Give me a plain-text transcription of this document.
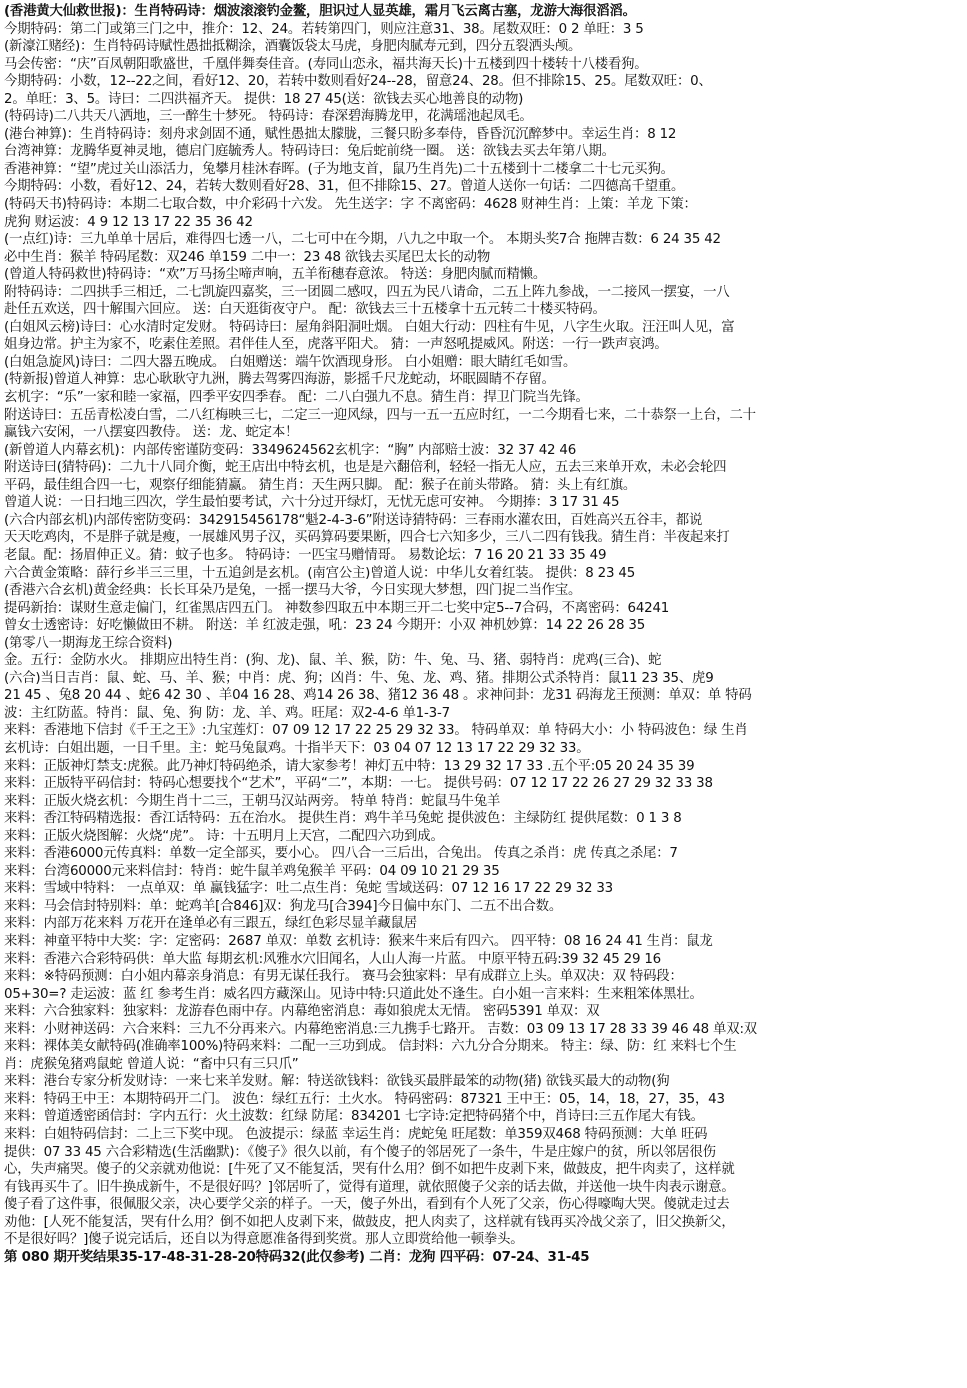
(香港黄大仙救世报)：生肖特码诗：烟波滚滚钓金鳌，胆识过人显英雄，霜月飞云离古塞，龙游大海很滔滔。
今期特码：第二门或第三门之中，推介：12、24。若转第四门，则应注意31、38。尾数双旺：0 2 单旺：3 5
(新濠江赌经)：生肖特码诗赋性愚拙抵糊涂，酒囊饭袋太马虎，身肥肉腻寿元到，四分五裂洒头颅。
马会传密：“庆”百凤朝阳歌盛世，千凰伴舞奏佳音。(寿同山恋永，福共海天长)十五楼到四十楼转十八楼看狗。
今期特码：小数，12--22之间，看好12、20，若转中数则看好24--28，留意24、28。但不排除15、25。尾数双旺：0、
2。单旺：3、5。诗曰：二四洪福齐天。 提供：18 27 45(送：欲钱去买心地善良的动物)
(特码诗)二八共天八洒地，三一醉生十梦死。 特码诗：春深碧海腾龙甲，花满瑶池起凤毛。
(港台神算)：生肖特码诗：刻舟求剑固不通，赋性愚拙太朦胧，三餐只盼多奉侍，昏昏沉沉醉梦中。幸运生肖：8 12
台湾神算：龙腾华夏神灵地，德启门庭毓秀人。特码诗曰：兔后蛇前绕一圈。 送：欲钱去买去年第八期。
香港神算：“望”虎过关山添活力，兔攀月桂沐春晖。(子为地支首，鼠乃生肖先)二十五楼到十二楼拿二十七元买狗。
今期特码：小数，看好12、24，若转大数则看好28、31，但不排除15、27。曾道人送你一句话：二四德高千望重。
(特码天书)特码诗：本期二七取合数，中介彩码十六发。 先生送字：字 不离密码：4628 财神生肖：上策：羊龙 下策：
虎狗 财运波：4 9 12 13 17 22 35 36 42
(一点红)诗：三九单单十居后，难得四七透一八，二七可中在今期，八九之中取一个。 本期头奖7合 拖牌吉数：6 24 35 42
必中生肖：猴羊 特码尾数：双246 单159 二中一：23 48 欲钱去买尾巴太长的动物
(曾道人特码救世)特码诗：“欢”万马扬尘啼声响，五羊衔穗春意浓。 特送：身肥肉腻而精懒。
附特码诗：二四拱手三相迁，二七凯旋四嘉奖，三一团圆二感叹，四五为民八请命，二五上阵九参战，一二接风一摆宴，一八
赴任五欢送，四十解围六回应。 送：白天逛街夜守户。 配：欲钱去三十五楼拿十五元转二十楼买特码。
(白姐风云榜)诗曰：心水清时定发财。 特码诗曰：屋角斜阳洞吐烟。 白姐大行动：四柱有牛见，八字生火取。汪汪叫人见，富
姐身边常。护主为家不，吃素住差照。君伴佳人至，虎落平阳犬。 猜：一声怒吼提威风。附送：一行一跌声哀鸿。
(白姐急旋风)诗曰：二四大器五晚成。 白姐赠送：端午饮酒现身形。 白小姐赠：眼大睛红毛如雪。
(特新报)曾道人神算：忠心耿耿守九洲，腾去驾雾四海游，影摇千尺龙蛇动，坏眠圆睛不存留。
玄机字：“乐”一家和睦一家福，四季平安四季春。 配：二八白强九不息。猜生肖：捍卫门院当先锋。
附送诗曰：五岳青松凌白雪，二八红梅映三七，二定三一迎风绿，四与一五一五应时红，一二今期看七来，二十恭祭一上台，二十
赢钱六安闲，一八摆宴四教侍。 送：龙、蛇定本！
(新曾道人内幕玄机)：内部传密谨防变码：3349624562玄机字：“胸” 内部赔士波：32 37 42 46
附送诗曰(猜特码)：二九十八同介衡，蛇王店出中特玄机，也是是六翻倍利，轻轻一指无人应，五去三来单开欢，未必会轮四
平码，最佳组合四一七，观察仔细能猜赢。 猜生肖：天生两只脚。 配：猴子在前头带路。 猜：头上有红旗。
曾道人说：一日扫地三四次，学生最怕要考试，六十分过开绿灯，无忧无虑可安神。 今期捧：3 17 31 45
(六合内部玄机)内部传密防变码：342915456178“魁2-4-3-6”附送诗猜特码：三春雨水灌农田，百姓高兴五谷丰，都说
天天吃鸡肉，不是胖子就是瘦，一展雄风男子汉，买码算码要果断，四合七六知多少，三八二四有钱我。猜生肖：半夜起来打
老鼠。配：扬眉伸正义。猜：蚊子也多。 特码诗：一匹宝马赠情哥。 易数论坛：7 16 20 21 33 35 49
六合黄金策略：薛行乡半三三里，十五追剑是玄机。(南宫公主)曾道人说：中华儿女着红装。 提供：8 23 45
(香港六合玄机)黄金经典：长长耳朵乃是兔，一摇一摆马大爷，今日实现大梦想，四门捉二当作宝。
提码新抬：谋财生意走偏门，红雀黑店四五门。 神数参四取五中本期三开二七奖中定5--7合码，不离密码：64241
曾女士透密诗：好吃懒做田不耕。 附送：羊 红波走强，吼：23 24 今期开：小双 神机妙算：14 22 26 28 35
(第零八一期海龙王综合资料)
金。五行：金防水火。 排期应出特生肖：(狗、龙)、鼠、羊、猴，防：牛、兔、马、猪、弱特肖：虎鸡(三合)、蛇
(六合)当日吉肖：鼠、蛇、马、羊、猴；中肖：虎、狗；凶肖：牛、兔、龙、鸡、猪。排期公式杀特肖：鼠11 23 35、虎9
21 45 、兔8 20 44 、蛇6 42 30 、羊04 16 28、鸡14 26 38、猪12 36 48 。求神问卦：龙31 码海龙王预测：单双：单 特码
波：主红防蓝。特肖：鼠、兔、狗 防：龙、羊、鸡。旺尾：双2-4-6 单1-3-7
来料：香港地下信封《千王之王》:九宝莲灯：07 09 12 17 22 25 29 32 33。 特码单双：单 特码大小：小 特码波色：绿 生肖
玄机诗：白姐出题，一日千里。主：蛇马兔鼠鸡。十指半天下：03 04 07 12 13 17 22 29 32 33。
来料：正版神灯禁支:虎猴。此乃神灯特码绝杀，请大家参考！神灯五中特：13 29 32 17 33 .五个平:05 20 24 35 39
来料：正版特平码信封：特码心想要找个“艺术”，平码“二”，本期：一七。 提供号码：07 12 17 22 26 27 29 32 33 38
来料：正版火烧玄机：今期生肖十二三，王朝马汉站两旁。 特单 特肖：蛇鼠马牛兔羊
来料：香江特码精选报：香江话特码：五在治水。 提供生肖：鸡牛羊马兔蛇 提供波色：主绿防红 提供尾数：0 1 3 8
来料：正版火烧图解：火烧“虎”。 诗：十五明月上天宫，二配四六功到成。
来料：香港6000元传真料：单数一定全部买，要小心。 四八合一三后出，合兔出。 传真之杀肖：虎 传真之杀尾：7
来料：台湾60000元来料信封：特肖：蛇牛鼠羊鸡兔猴羊 平码：04 09 10 21 29 35
来料：雪域中特料： 一点单双：单 赢钱猛字：吐二点生肖：兔蛇 雪域送码：07 12 16 17 22 29 32 33
来料：马会信封特别料：单：蛇鸡羊[合846]双：狗龙马[合394]今日偏中东门、二五不出合数。
来料：内部万花来料 万花开在逢单必有三跟五，绿红色彩尽显羊藏鼠居
来料：神童平特中大奖：字：定密码：2687 单双：单数 玄机诗：猴来牛来后有四六。 四平特：08 16 24 41 生肖：鼠龙
来料：香港六合彩特码供：单大监 每期玄机:风雅水穴旧闻名，人山人海一片蓝。 中原平特五码:39 32 45 29 16
来料：※特码预测：白小姐内幕亲身消息：有男无谋任我行。 赛马会独家料：早有成群立上头。单双决：双 特码段：
05+30=? 走运波：蓝 红 参考生肖：威名四方藏深山。见诗中特:只道此处不逢生。白小姐一言来料：生来粗笨体黑壮。
来料：六合独家料：独家料：龙游春色雨中存。内幕绝密消息：毒如狼虎太无情。 密码5391 单双：双
来料：小财神送码：六合来料：三九不分再来六。内幕绝密消息:三九携手七路开。 吉数：03 09 13 17 28 33 39 46 48 单双:双
来料：裸体美女献特码(准确率100%)特码来料：二配一三功到成。 信封料：六九分合分期来。 特主：绿、防：红 来料七个生
肖：虎猴兔猪鸡鼠蛇 曾道人说：“畜中只有三只爪”
来料：港台专家分析发财诗：一来七来羊发财。解：特送欲钱料：欲钱买最胖最笨的动物(猪) 欲钱买最大的动物(狗
来料：特码王中王：本期特码开二门。 波色：绿红五行：土火水。 特码密码：87321 王中王：05，14，18，27，35，43
来料：曾道透密函信封：字内五行：火土波数：红绿 防尾：834201 七字诗:定把特码猪个中，肖诗曰:三五作尾大有钱。
来料：白姐特码信封：二上三下奖中现。 色波提示：绿蓝 幸运生肖：虎蛇兔 旺尾数：单359双468 特码预测：大单 旺码
提供：07 33 45 六合彩精选(生活幽默)：《傻子》很久以前，有个傻子的邻居死了一条牛，牛是庄嫁户的贫，所以邻居很伤
心，失声痛哭。傻子的父亲就劝他说：[牛死了又不能复活，哭有什么用？倒不如把牛皮剥下来，做鼓皮，把牛肉卖了，这样就
有钱再买牛了。旧牛换成新牛，不是很好吗？]邻居听了，觉得有道理，就依照傻子父亲的话去做，并送他一块牛肉表示谢意。
傻子看了这件事，很佩服父亲，决心要学父亲的样子。一天，傻子外出，看到有个人死了父亲，伤心得嚎啕大哭。傻就走过去
劝他：[人死不能复活，哭有什么用？倒不如把人皮剥下来，做鼓皮，把人肉卖了，这样就有钱再买冷战父亲了，旧父换新父，
不是很好吗？]傻子说完话后，还自以为得意愿准备得到奖赏。那人立即赏给他一顿拳头。
第 080 期开奖结果35-17-48-31-28-20特码32(此仅参考) 二肖：龙狗 四平码：07-24、31-45
